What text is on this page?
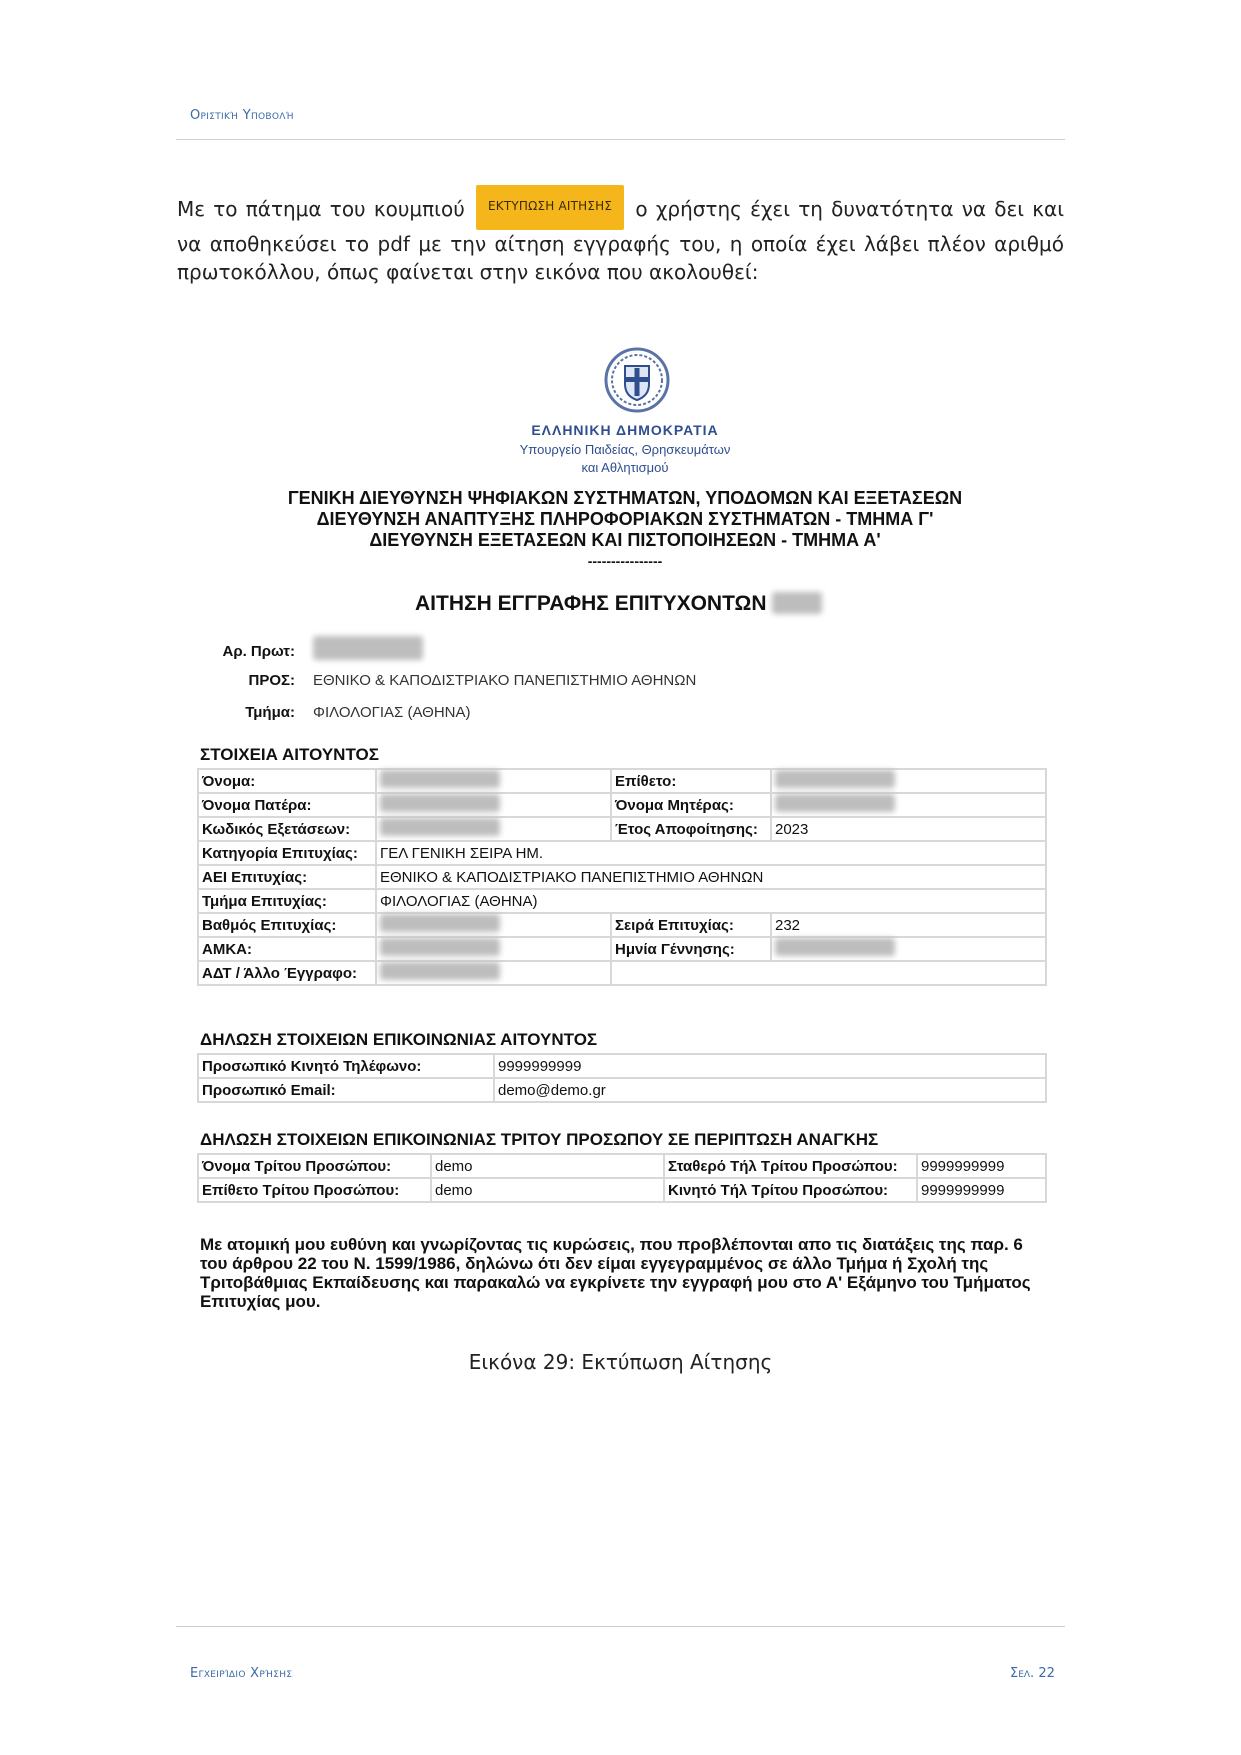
Οριστική Υποβολή
Με το πάτημα του κουμπιού ΕΚΤΥΠΩΣΗ ΑΙΤΗΣΗΣ ο χρήστης έχει τη δυνατότητα να δει και να αποθηκεύσει το pdf με την αίτηση εγγραφής του, η οποία έχει λάβει πλέον αριθμό πρωτοκόλλου, όπως φαίνεται στην εικόνα που ακολουθεί:
ΕΛΛΗΝΙΚΗ ΔΗΜΟΚΡΑΤΙΑ
Υπουργείο Παιδείας, Θρησκευμάτων
και Αθλητισμού
ΓΕΝΙΚΗ ΔΙΕΥΘΥΝΣΗ ΨΗΦΙΑΚΩΝ ΣΥΣΤΗΜΑΤΩΝ, ΥΠΟΔΟΜΩΝ ΚΑΙ ΕΞΕΤΑΣΕΩΝ
ΔΙΕΥΘΥΝΣΗ ΑΝΑΠΤΥΞΗΣ ΠΛΗΡΟΦΟΡΙΑΚΩΝ ΣΥΣΤΗΜΑΤΩΝ - ΤΜΗΜΑ Γ'
ΔΙΕΥΘΥΝΣΗ ΕΞΕΤΑΣΕΩΝ ΚΑΙ ΠΙΣΤΟΠΟΙΗΣΕΩΝ - ΤΜΗΜΑ Α'
----------------
ΑΙΤΗΣΗ ΕΓΓΡΑΦΗΣ ΕΠΙΤΥΧΟΝΤΩΝ
Αρ. Πρωτ:
ΠΡΟΣ: ΕΘΝΙΚΟ & ΚΑΠΟΔΙΣΤΡΙΑΚΟ ΠΑΝΕΠΙΣΤΗΜΙΟ ΑΘΗΝΩΝ
Τμήμα: ΦΙΛΟΛΟΓΙΑΣ (ΑΘΗΝΑ)
ΣΤΟΙΧΕΙΑ ΑΙΤΟΥΝΤΟΣ
Όνομα:		Επίθετο:	
Όνομα Πατέρα:		Όνομα Μητέρας:	
Κωδικός Εξετάσεων:		Έτος Αποφοίτησης:	2023
Κατηγορία Επιτυχίας:	ΓΕΛ ΓΕΝΙΚΗ ΣΕΙΡΑ ΗΜ.		
ΑΕΙ Επιτυχίας:	ΕΘΝΙΚΟ & ΚΑΠΟΔΙΣΤΡΙΑΚΟ ΠΑΝΕΠΙΣΤΗΜΙΟ ΑΘΗΝΩΝ		
Τμήμα Επιτυχίας:	ΦΙΛΟΛΟΓΙΑΣ (ΑΘΗΝΑ)		
Βαθμός Επιτυχίας:		Σειρά Επιτυχίας:	232
ΑΜΚΑ:		Ημνία Γέννησης:	
ΑΔΤ / Άλλο Έγγραφο:			
ΔΗΛΩΣΗ ΣΤΟΙΧΕΙΩΝ ΕΠΙΚΟΙΝΩΝΙΑΣ ΑΙΤΟΥΝΤΟΣ
Προσωπικό Κινητό Τηλέφωνο:	9999999999
Προσωπικό Email:	demo@demo.gr
ΔΗΛΩΣΗ ΣΤΟΙΧΕΙΩΝ ΕΠΙΚΟΙΝΩΝΙΑΣ ΤΡΙΤΟΥ ΠΡΟΣΩΠΟΥ ΣΕ ΠΕΡΙΠΤΩΣΗ ΑΝΑΓΚΗΣ
Όνομα Τρίτου Προσώπου:	demo	Σταθερό Τήλ Τρίτου Προσώπου:	9999999999
Επίθετο Τρίτου Προσώπου:	demo	Κινητό Τήλ Τρίτου Προσώπου:	9999999999
Με ατομική μου ευθύνη και γνωρίζοντας τις κυρώσεις, που προβλέπονται απο τις διατάξεις της παρ. 6 του άρθρου 22 του Ν. 1599/1986, δηλώνω ότι δεν είμαι εγγεγραμμένος σε άλλο Τμήμα ή Σχολή της Τριτοβάθμιας Εκπαίδευσης και παρακαλώ να εγκρίνετε την εγγραφή μου στο Α' Εξάμηνο του Τμήματος Επιτυχίας μου.
Εικόνα 29: Εκτύπωση Αίτησης
Εγχειρίδιο Χρήσης	Σελ. 22
